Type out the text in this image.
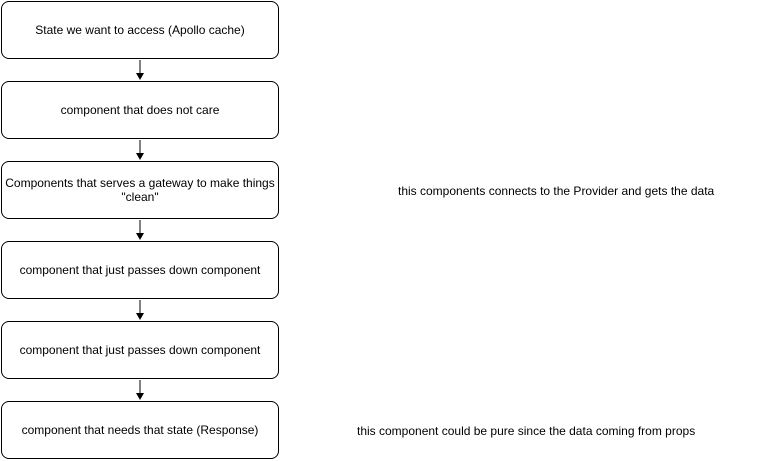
State we want to access (Apollo cache)
component that does not care
Components that serves a gateway to make things "clean"
component that just passes down component
component that just passes down component
component that needs that state (Response)
this components connects to the Provider and gets the data
this component could be pure since the data coming from props
